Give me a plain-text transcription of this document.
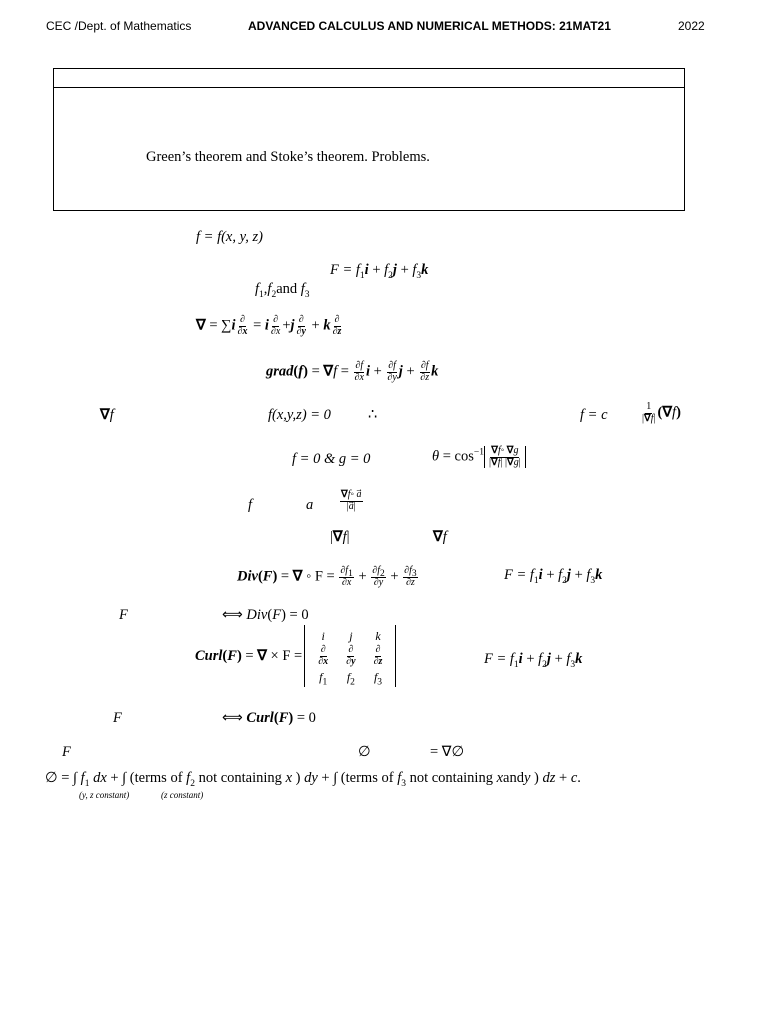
CEC /Dept. of Mathematics	ADVANCED CALCULUS AND NUMERICAL METHODS: 21MAT21	2022
Green’s theorem and Stoke’s theorem. Problems.
f = f(x, y, z)
$F = f_1i + f_2j + f_3k$
$f_1,f_2and$ $f_3$
∇ = $\sum i \frac{\partial}{\partial x} = i \frac{\partial}{\partial x} +j \frac{\partial}{\partial y} + k \frac{\partial}{\partial z}$
grad(f) = $\nabla f = \frac{\partial f}{\partial x}$ $i + \frac{\partial f}{\partial y}$ $j + \frac{\partial f}{\partial z}$ k
∇f	f(x,y,z) = 0	∴	f = c	$\frac{1}{|\nabla f|} (\nabla f)$
f = 0 & g = 0	$\theta = \cos^{-1} \frac{\nabla f◦ \nabla g}{|\nabla f| |\nabla g|}$
f	a⃗ $\frac{\nabla f◦ a}{|a⃗|}$
|∇f|	∇f
Div(F) = ∇ ◦ $F = \frac{\partial f_1}{\partial x} + \frac{\partial f_2}{\partial y} + \frac{\partial f_3}{\partial z}$	$F = f_1i + f_2j + f_3k$
F	⟺ Div(F) = 0
Curl(F) = ∇ × F =
i	j	k

$\frac{\partial}{\partial x}$	$\frac{\partial}{\partial y}$	$\frac{\partial}{\partial z}$

$f_1$	$f_2$	$f_3$
$F = f_1i + f_2j + f_3k$
F	⟺ Curl(F) = 0
F	∅	= ∇∅
∅ = ∫ $f_1$ dx + ∫ (terms of $f_2$ not containing x ) dy + ∫ (terms of $f_3$ not containing xandy ) dz + c.
(y, z constant)	(z constant)
